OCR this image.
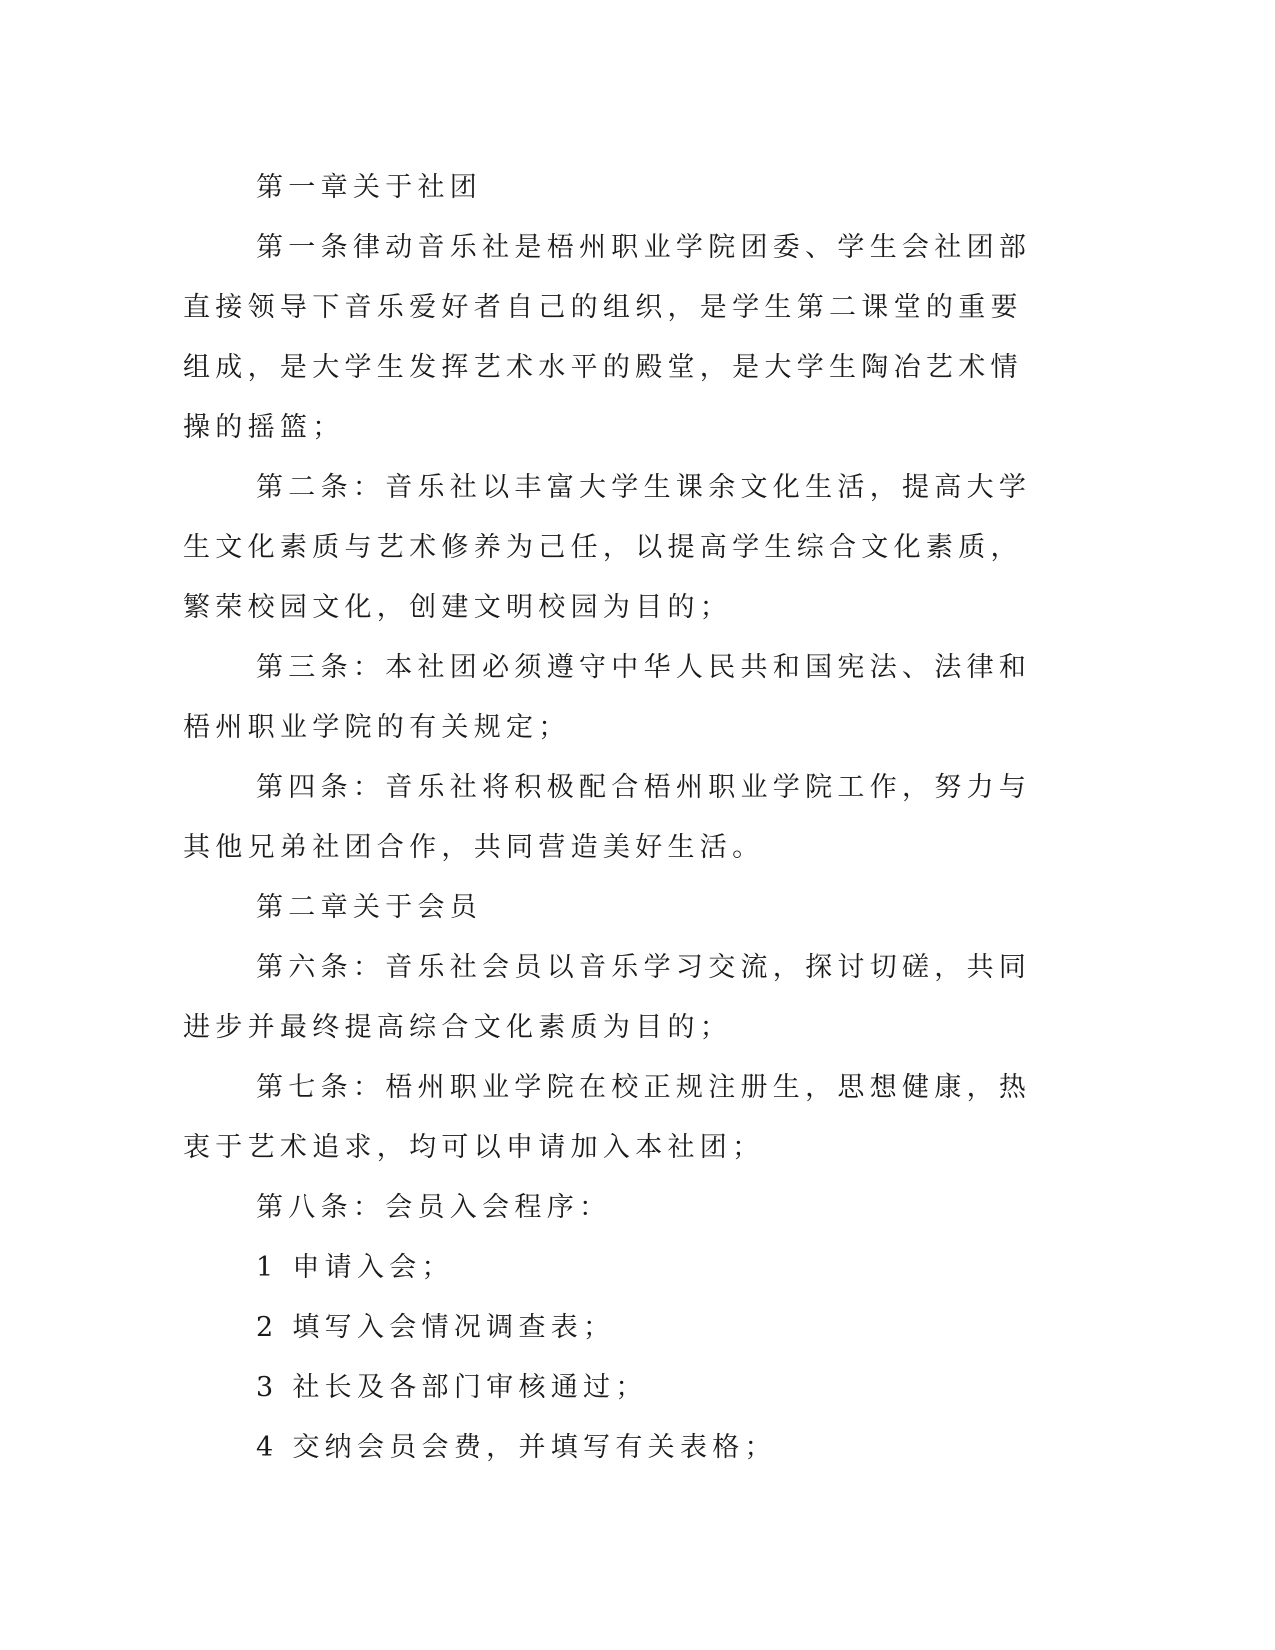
第一章关于社团

第一条律动音乐社是梧州职业学院团委、学生会社团部直接领导下音乐爱好者自己的组织，是学生第二课堂的重要组成，是大学生发挥艺术水平的殿堂，是大学生陶冶艺术情操的摇篮；

第二条：音乐社以丰富大学生课余文化生活，提高大学生文化素质与艺术修养为己任，以提高学生综合文化素质，繁荣校园文化，创建文明校园为目的；

第三条：本社团必须遵守中华人民共和国宪法、法律和梧州职业学院的有关规定；

第四条：音乐社将积极配合梧州职业学院工作，努力与其他兄弟社团合作，共同营造美好生活。

第二章关于会员

第六条：音乐社会员以音乐学习交流，探讨切磋，共同进步并最终提高综合文化素质为目的；

第七条：梧州职业学院在校正规注册生，思想健康，热衷于艺术追求，均可以申请加入本社团；

第八条：会员入会程序：

1 申请入会；

2 填写入会情况调查表；

3 社长及各部门审核通过；

4 交纳会员会费，并填写有关表格；
